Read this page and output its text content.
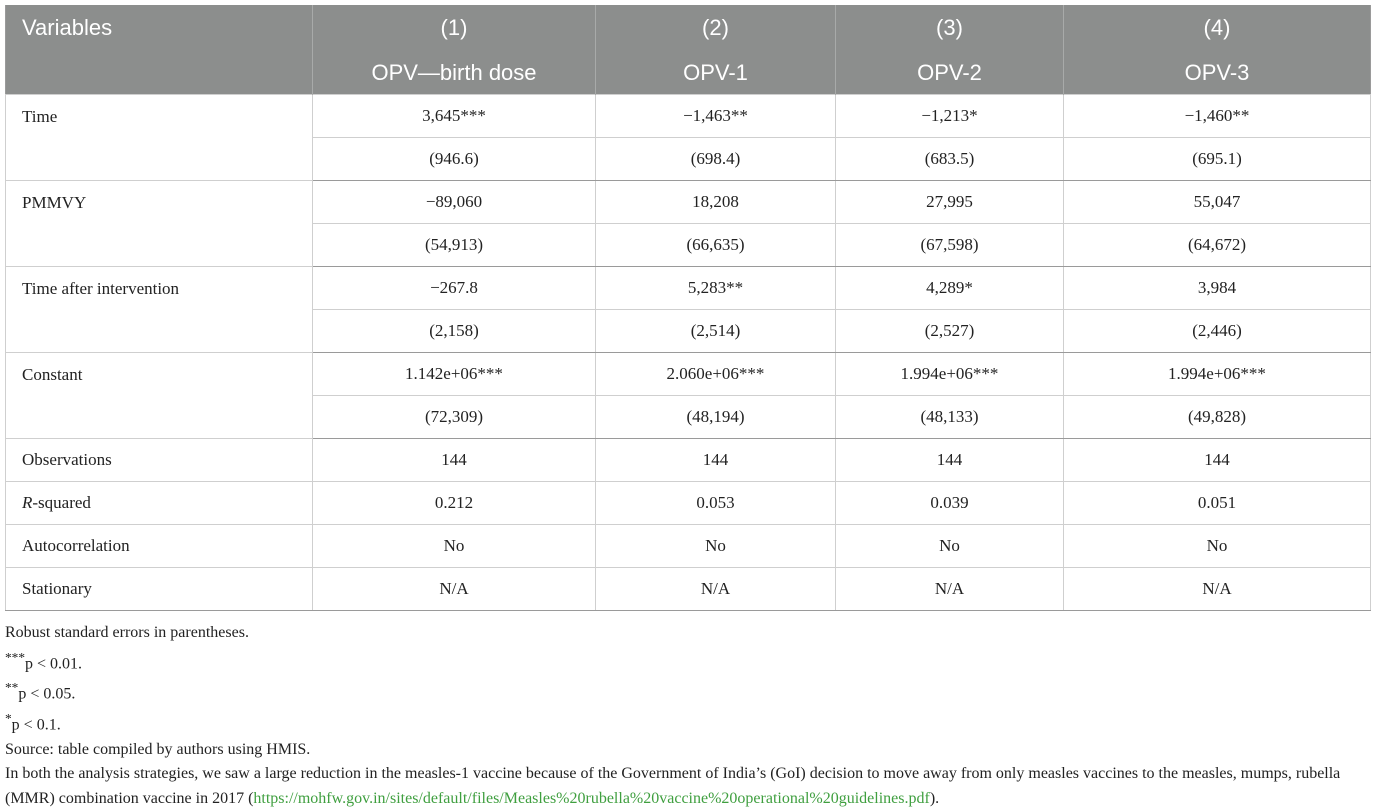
Variables	(1)	(2)	(3)	(4)
	OPV—birth dose	OPV-1	OPV-2	OPV-3
Time	3,645***	−1,463**	−1,213*	−1,460**
	(946.6)	(698.4)	(683.5)	(695.1)
PMMVY	−89,060	18,208	27,995	55,047
	(54,913)	(66,635)	(67,598)	(64,672)
Time after intervention	−267.8	5,283**	4,289*	3,984
	(2,158)	(2,514)	(2,527)	(2,446)
Constant	1.142e+06***	2.060e+06***	1.994e+06***	1.994e+06***
	(72,309)	(48,194)	(48,133)	(49,828)
Observations	144	144	144	144
R-squared	0.212	0.053	0.039	0.051
Autocorrelation	No	No	No	No
Stationary	N/A	N/A	N/A	N/A

Robust standard errors in parentheses.

***p < 0.01.

**p < 0.05.

*p < 0.1.

Source: table compiled by authors using HMIS.

In both the analysis strategies, we saw a large reduction in the measles-1 vaccine because of the Government of India’s (GoI) decision to move away from only measles vaccines to the measles, mumps, rubella (MMR) combination vaccine in 2017 (https://mohfw.gov.in/sites/default/files/Measles%20rubella%20vaccine%20operational%20guidelines.pdf).
